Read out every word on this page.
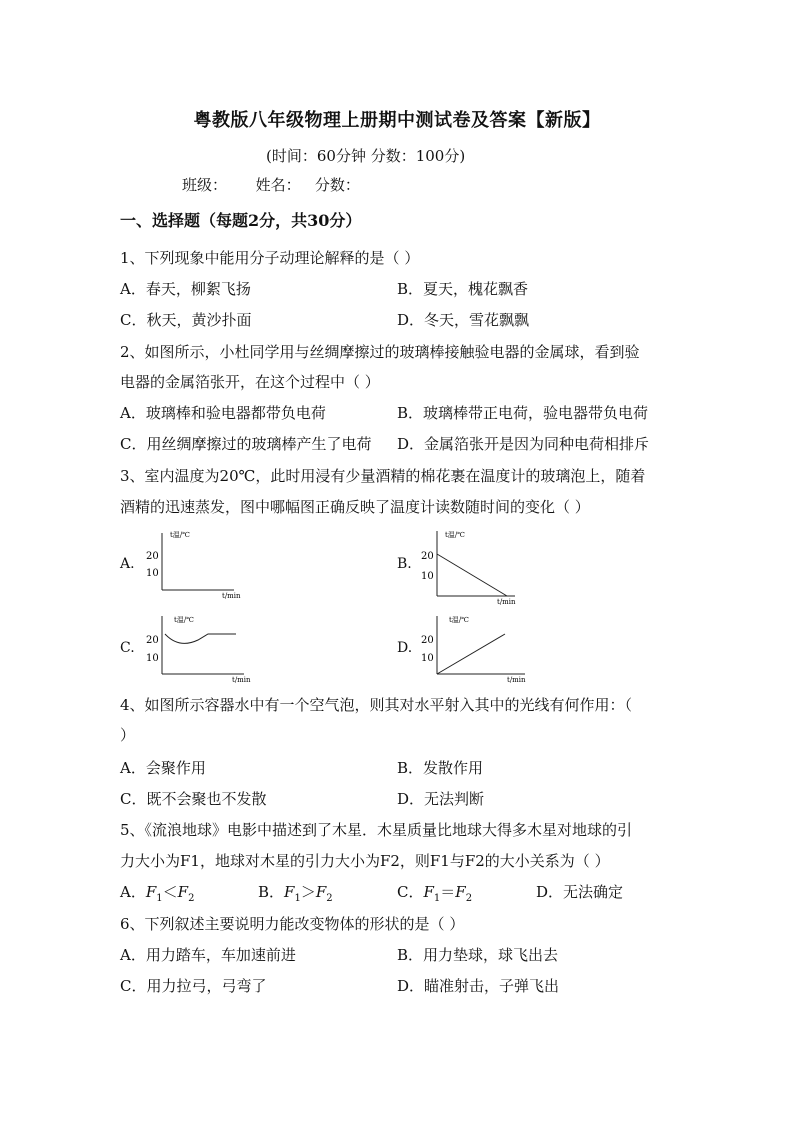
粤教版八年级物理上册期中测试卷及答案【新版】
(时间：60分钟 分数：100分)
班级：      姓名：   分数：
一、选择题（每题2分，共30分）
1、下列现象中能用分子动理论解释的是（ ）
A．春天，柳絮飞扬	B．夏天，槐花飘香
C．秋天，黄沙扑面	D．冬天，雪花飘飘
2、如图所示，小杜同学用与丝绸摩擦过的玻璃棒接触验电器的金属球，看到验
电器的金属箔张开，在这个过程中（ ）
A．玻璃棒和验电器都带负电荷	B．玻璃棒带正电荷，验电器带负电荷
C．用丝绸摩擦过的玻璃棒产生了电荷 D．金属箔张开是因为同种电荷相排斥
3、室内温度为20℃，此时用浸有少量酒精的棉花裹在温度计的玻璃泡上，随着
酒精的迅速蒸发，图中哪幅图正确反映了温度计读数随时间的变化（ ）
A.	B.
C.	D.
t温/℃
20
10
t/min
t温/℃
20
10
t/min
t温/℃
20
10
t/min
t温/℃
20
10
t/min
4、如图所示容器水中有一个空气泡，则其对水平射入其中的光线有何作用：（
）
A．会聚作用	B．发散作用
C．既不会聚也不发散	D．无法判断
5、《流浪地球》电影中描述到了木星．木星质量比地球大得多木星对地球的引
力大小为F1，地球对木星的引力大小为F2，则F1与F2的大小关系为（ ）
A．$F_1<F_2$	B．$F_1>F_2$	C．$F_1=F_2$	D．无法确定
6、下列叙述主要说明力能改变物体的形状的是（ ）
A．用力踏车，车加速前进	B．用力垫球，球飞出去
C．用力拉弓，弓弯了	D．瞄准射击，子弹飞出
